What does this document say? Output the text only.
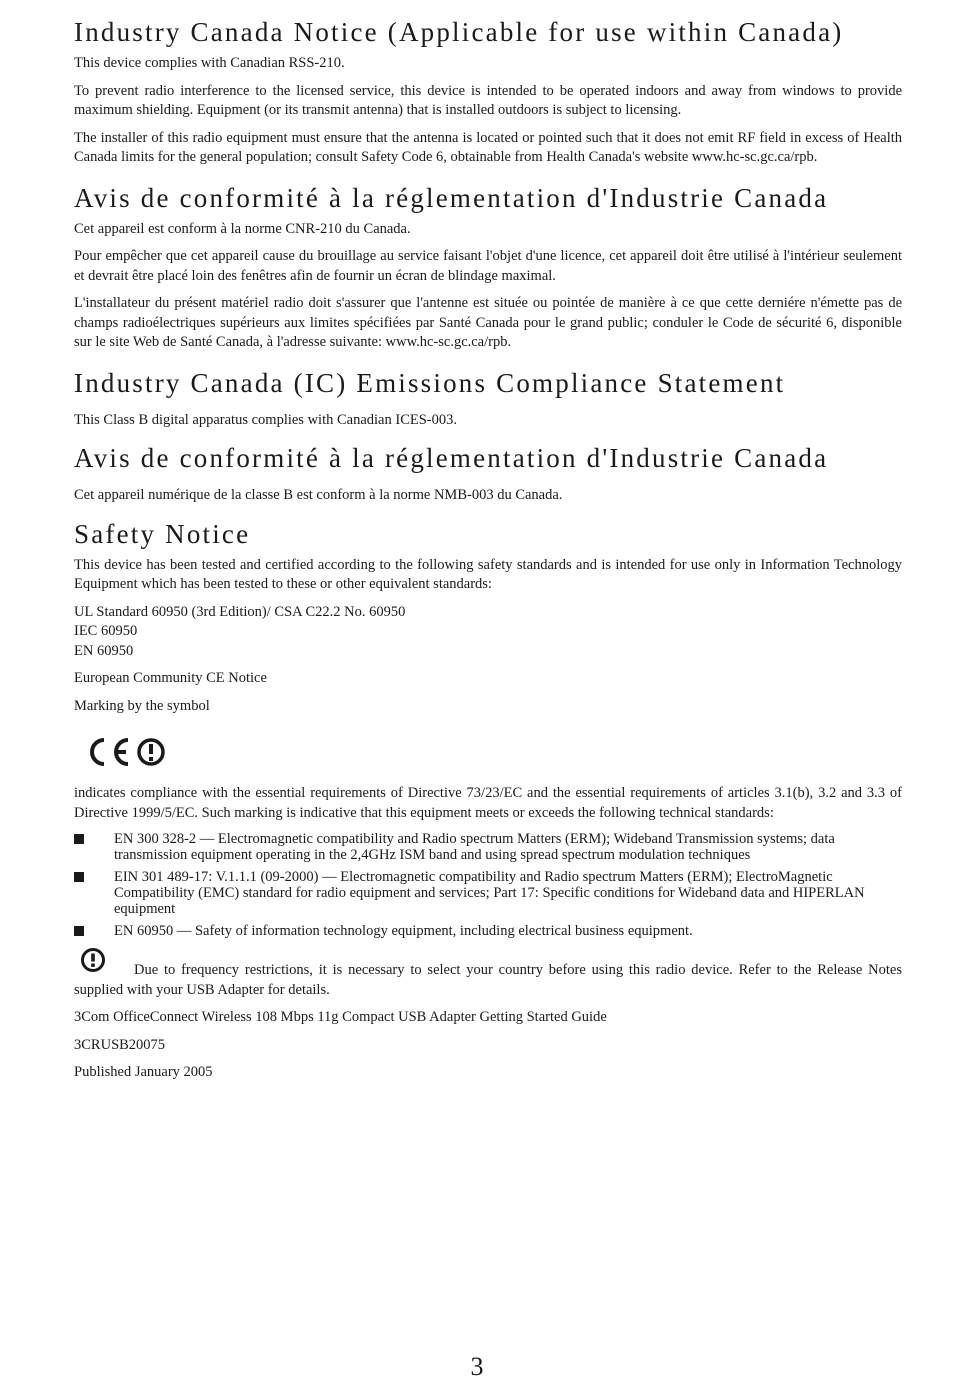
Industry Canada Notice (Applicable for use within Canada)

This device complies with Canadian RSS-210.

To prevent radio interference to the licensed service, this device is intended to be operated indoors and away from windows to provide maximum shielding. Equipment (or its transmit antenna) that is installed outdoors is subject to licensing.

The installer of this radio equipment must ensure that the antenna is located or pointed such that it does not emit RF field in excess of Health Canada limits for the general population; consult Safety Code 6, obtainable from Health Canada's website www.hc-sc.gc.ca/rpb.

Avis de conformité à la réglementation d'Industrie Canada

Cet appareil est conform à la norme CNR-210 du Canada.

Pour empêcher que cet appareil cause du brouillage au service faisant l'objet d'une licence, cet appareil doit être utilisé à l'intérieur seulement et devrait être placé loin des fenêtres afin de fournir un écran de blindage maximal.

L'installateur du présent matériel radio doit s'assurer que l'antenne est située ou pointée de manière à ce que cette derniére n'émette pas de champs radioélectriques supérieurs aux limites spécifiées par Santé Canada pour le grand public; conduler le Code de sécurité 6, disponible sur le site Web de Santé Canada, à l'adresse suivante: www.hc-sc.gc.ca/rpb.

Industry Canada (IC) Emissions Compliance Statement

This Class B digital apparatus complies with Canadian ICES-003.

Avis de conformité à la réglementation d'Industrie Canada

Cet appareil numérique de la classe B est conform à la norme NMB-003 du Canada.

Safety Notice

This device has been tested and certified according to the following safety standards and is intended for use only in Information Technology Equipment which has been tested to these or other equivalent standards:

UL Standard 60950 (3rd Edition)/ CSA C22.2 No. 60950

IEC 60950

EN 60950

European Community CE Notice

Marking by the symbol

indicates compliance with the essential requirements of Directive 73/23/EC and the essential requirements of articles 3.1(b), 3.2 and 3.3 of Directive 1999/5/EC. Such marking is indicative that this equipment meets or exceeds the following technical standards:

EN 300 328-2 — Electromagnetic compatibility and Radio spectrum Matters (ERM); Wideband Transmission systems; data transmission equipment operating in the 2,4GHz ISM band and using spread spectrum modulation techniques
EIN 301 489-17: V.1.1.1 (09-2000) — Electromagnetic compatibility and Radio spectrum Matters (ERM); ElectroMagnetic Compatibility (EMC) standard for radio equipment and services; Part 17: Specific conditions for Wideband data and HIPERLAN equipment
EN 60950 — Safety of information technology equipment, including electrical business equipment.

Due to frequency restrictions, it is necessary to select your country before using this radio device. Refer to the Release Notes supplied with your USB Adapter for details.

3Com OfficeConnect Wireless 108 Mbps 11g Compact USB Adapter Getting Started Guide

3CRUSB20075

Published January 2005

3
